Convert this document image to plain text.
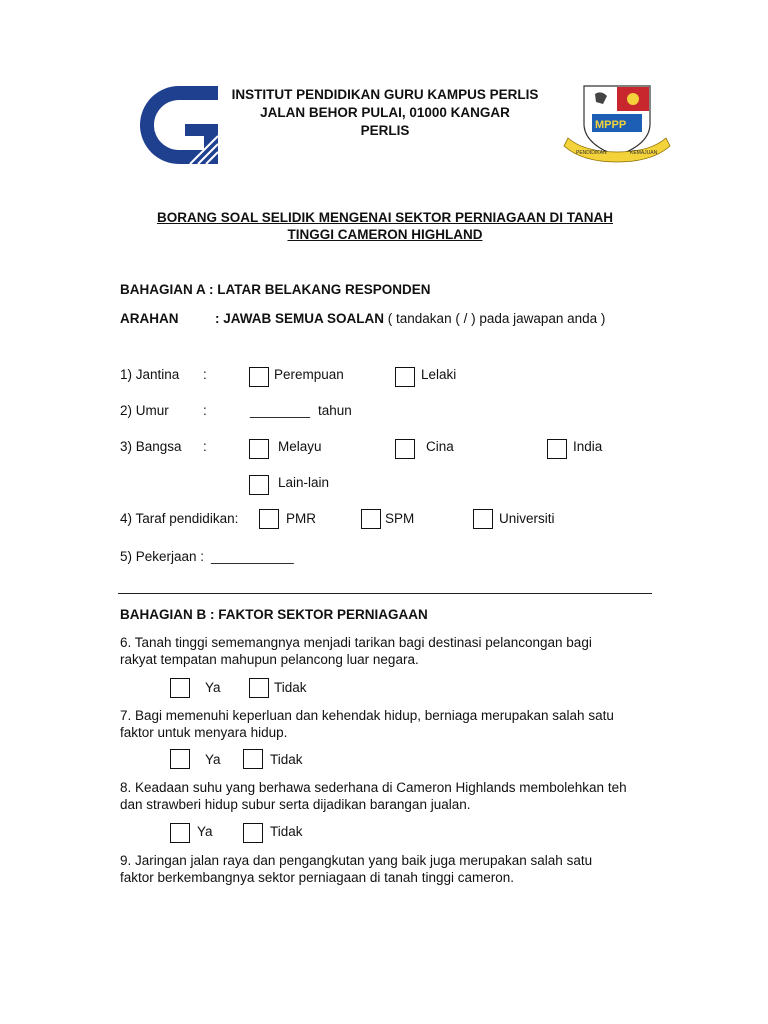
iPG
INSTITUT PENDIDIKAN GURU KAMPUS PERLIS
JALAN BEHOR PULAI, 01000 KANGAR
PERLIS	MPPP
PENDIDIKAN	KEMAJUAN
BORANG SOAL SELIDIK MENGENAI SEKTOR PERNIAGAAN DI TANAH
TINGGI CAMERON HIGHLAND
BAHAGIAN A : LATAR BELAKANG RESPONDEN
ARAHAN	: JAWAB SEMUA SOALAN ( tandakan ( / ) pada jawapan anda )
1) Jantina :	Perempuan	Lelaki
2) Umur	:	________ tahun
3) Bangsa :	Melayu	Cina	India
Lain-lain
4) Taraf pendidikan:	PMR	SPM	Universiti
5) Pekerjaan : ___________
BAHAGIAN B : FAKTOR SEKTOR PERNIAGAAN
6. Tanah tinggi sememangnya menjadi tarikan bagi destinasi pelancongan bagi
rakyat tempatan mahupun pelancong luar negara.
Ya	Tidak
7. Bagi memenuhi keperluan dan kehendak hidup, berniaga merupakan salah satu
faktor untuk menyara hidup.
Ya	Tidak
8. Keadaan suhu yang berhawa sederhana di Cameron Highlands membolehkan teh
dan strawberi hidup subur serta dijadikan barangan jualan.
Ya	Tidak
9. Jaringan jalan raya dan pengangkutan yang baik juga merupakan salah satu
faktor berkembangnya sektor perniagaan di tanah tinggi cameron.
